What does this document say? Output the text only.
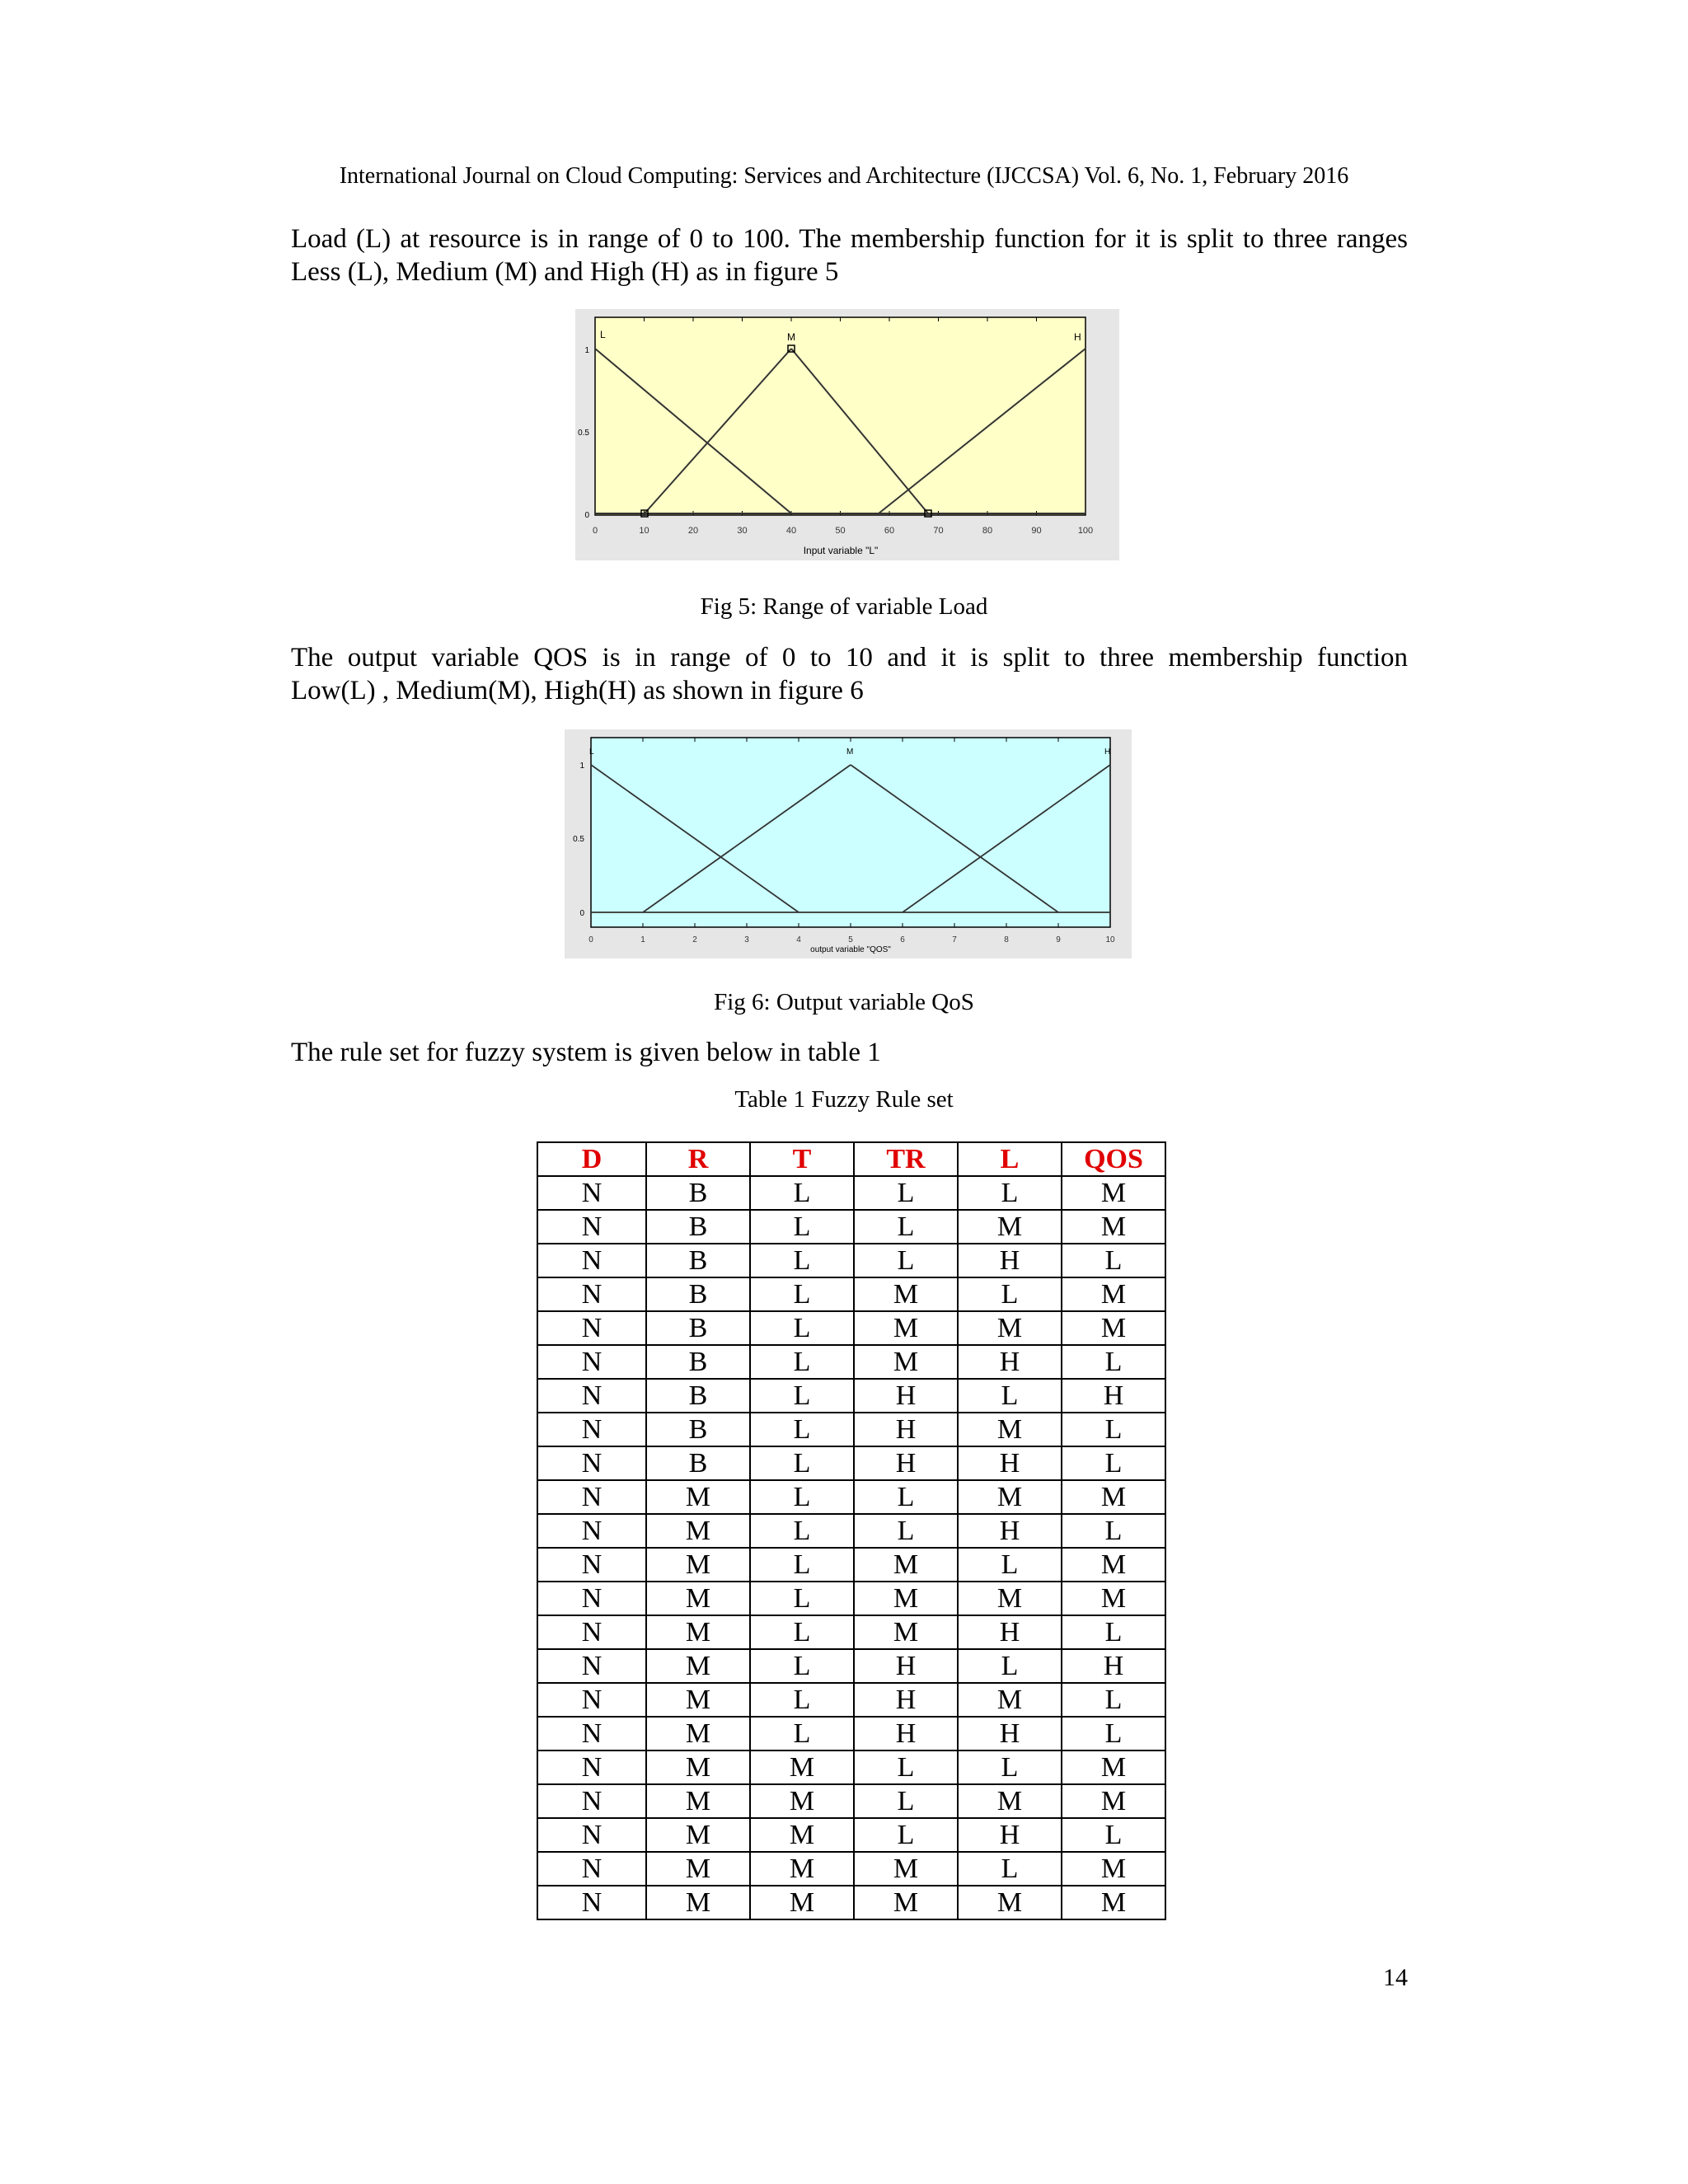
International Journal on Cloud Computing: Services and Architecture (IJCCSA) Vol. 6, No. 1, February 2016
Load (L) at resource is in range of 0 to 100. The membership function for it is split to three ranges
Less (L), Medium (M) and High (H) as in figure 5
L	M	H
1
0.5
0
0	10	20	30	40	50	60	70	80	90	100
Input variable "L"
Fig 5: Range of variable Load
The output variable QOS is in range of 0 to 10 and it is split to three membership function
Low(L) , Medium(M), High(H) as shown in figure 6
L	M	H
1
0.5
0
0	1	2	3	4	5	6	7	8	9	10
output variable "QOS"
Fig 6: Output variable QoS
The rule set for fuzzy system is given below in table 1
Table 1 Fuzzy Rule set
D	R	T	TR	L	QOS
N	B	L	L	L	M
N	B	L	L	M	M
N	B	L	L	H	L
N	B	L	M	L	M
N	B	L	M	M	M
N	B	L	M	H	L
N	B	L	H	L	H
N	B	L	H	M	L
N	B	L	H	H	L
N	M	L	L	M	M
N	M	L	L	H	L
N	M	L	M	L	M
N	M	L	M	M	M
N	M	L	M	H	L
N	M	L	H	L	H
N	M	L	H	M	L
N	M	L	H	H	L
N	M	M	L	L	M
N	M	M	L	M	M
N	M	M	L	H	L
N	M	M	M	L	M
N	M	M	M	M	M
14
